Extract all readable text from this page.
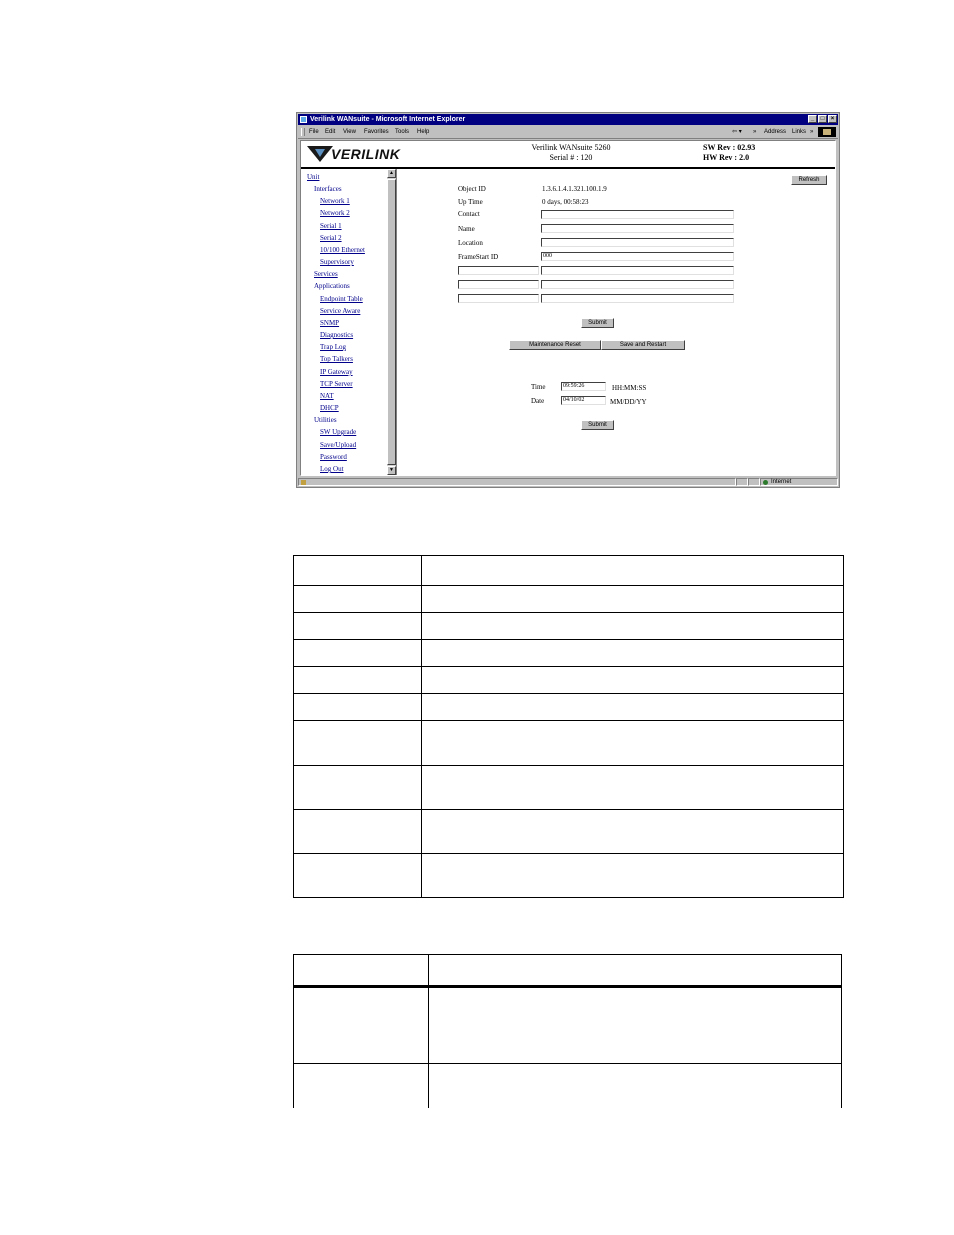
Verilink WANsuite - Microsoft Internet Explorer	_	□	×
File Edit View Favorites Tools Help	⇦ ▾ » Address Links »
VERILINK	Verilink WANsuite 5260
Serial # : 120
SW Rev : 02.93
HW Rev : 2.0
Unit
Interfaces
Network 1
Network 2
Serial 1
Serial 2
10/100 Ethernet
Supervisory
Services
Applications
Endpoint Table
Service Aware
SNMP
Diagnostics
Trap Log
Top Talkers
IP Gateway
TCP Server
NAT
DHCP
Utilities
SW Upgrade
Save/Upload
Password
Log Out
▲
▼
Refresh
Object ID	1.3.6.1.4.1.321.100.1.9
Up Time	0 days, 00:58:23
Contact
Name
Location
FrameStart ID	000
Submit
Maintenance Reset	Save and Restart
Time	09:59:26	HH:MM:SS
Date	04/10/02	MM/DD/YY
Submit
Internet
